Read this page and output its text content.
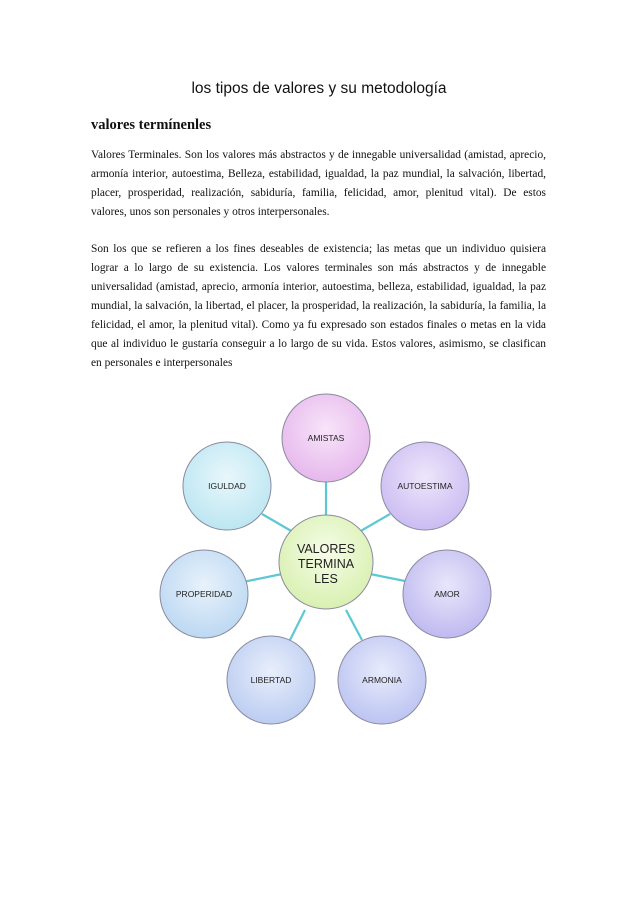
los tipos de valores y su metodología
valores termínenles

Valores Terminales. Son los valores más abstractos y de innegable universalidad (amistad, aprecio, armonía interior, autoestima, Belleza, estabilidad, igualdad, la paz mundial, la salvación, libertad, placer, prosperidad, realización, sabiduría, familia, felicidad, amor, plenitud vital). De estos valores, unos son personales y otros interpersonales.

Son los que se refieren a los fines deseables de existencia; las metas que un individuo quisiera lograr a lo largo de su existencia. Los valores terminales son más abstractos y de innegable universalidad (amistad, aprecio, armonía interior, autoestima, belleza, estabilidad, igualdad, la paz mundial, la salvación, la libertad, el placer, la prosperidad, la realización, la sabiduría, la familia, la felicidad, el amor, la plenitud vital). Como ya fu expresado son estados finales o metas en la vida que al individuo le gustaría conseguir a lo largo de su vida. Estos valores, asimismo, se clasifican en personales e interpersonales

AMISTAS
AUTOESTIMA
AMOR
ARMONIA
LIBERTAD
PROPERIDAD
IGULDAD
VALORES
TERMINA
LES
